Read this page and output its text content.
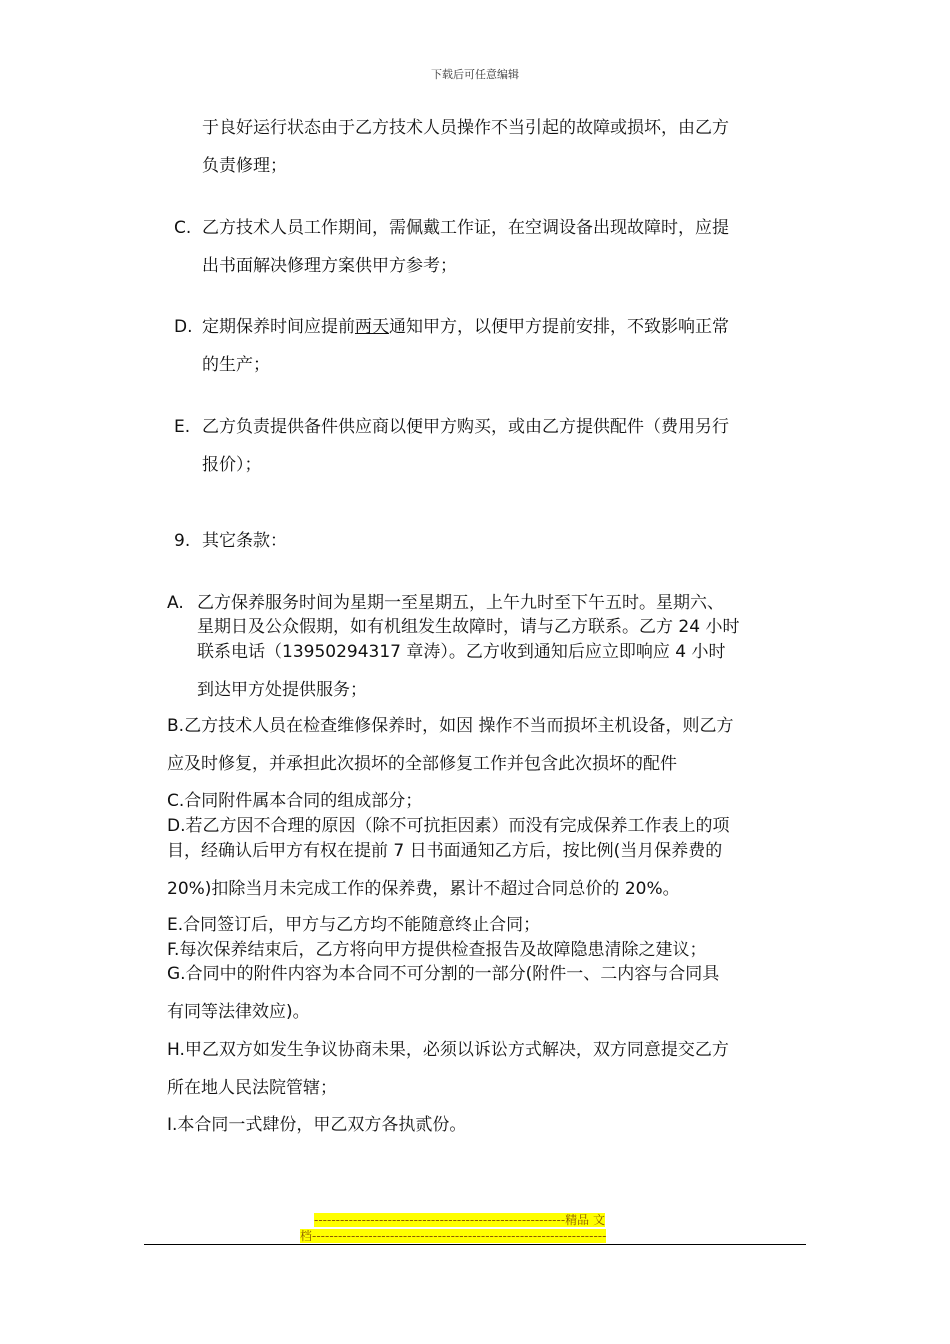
下载后可任意编辑
于良好运行状态由于乙方技术人员操作不当引起的故障或损坏，由乙方
负责修理；
C. 乙方技术人员工作期间，需佩戴工作证，在空调设备出现故障时，应提
出书面解决修理方案供甲方参考；
D. 定期保养时间应提前两天通知甲方，以便甲方提前安排，不致影响正常
的生产；
E. 乙方负责提供备件供应商以便甲方购买，或由乙方提供配件（费用另行
报价）；
9. 其它条款：
A. 乙方保养服务时间为星期一至星期五，上午九时至下午五时。星期六、
星期日及公众假期，如有机组发生故障时，请与乙方联系。乙方 24 小时
联系电话（13950294317 章涛）。乙方收到通知后应立即响应 4 小时
到达甲方处提供服务；
B.乙方技术人员在检查维修保养时，如因 操作不当而损坏主机设备，则乙方
应及时修复，并承担此次损坏的全部修复工作并包含此次损坏的配件
C.合同附件属本合同的组成部分；
D.若乙方因不合理的原因（除不可抗拒因素）而没有完成保养工作表上的项
目，经确认后甲方有权在提前 7 日书面通知乙方后，按比例(当月保养费的
20%)扣除当月未完成工作的保养费，累计不超过合同总价的 20%。
E.合同签订后，甲方与乙方均不能随意终止合同；
F.每次保养结束后，乙方将向甲方提供检查报告及故障隐患清除之建议；
G.合同中的附件内容为本合同不可分割的一部分(附件一、二内容与合同具
有同等法律效应)。
H.甲乙双方如发生争议协商未果，必须以诉讼方式解决，双方同意提交乙方
所在地人民法院管辖；
I.本合同一式肆份，甲乙双方各执贰份。
----------------------------------------------------------精品 文
档--------------------------------------------------------------------
